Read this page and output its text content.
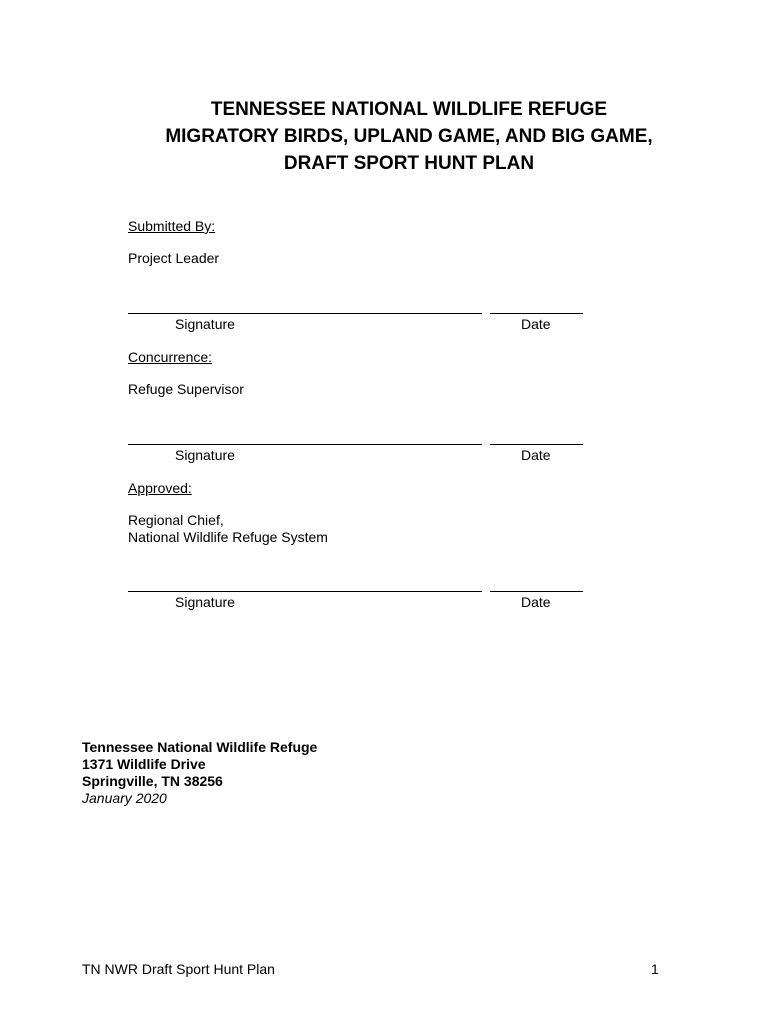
TENNESSEE NATIONAL WILDLIFE REFUGE
MIGRATORY BIRDS, UPLAND GAME, AND BIG GAME,
DRAFT SPORT HUNT PLAN
Submitted By:
Project Leader
Signature	Date
Concurrence:
Refuge Supervisor
Signature	Date
Approved:
Regional Chief,
National Wildlife Refuge System
Signature	Date
Tennessee National Wildlife Refuge
1371 Wildlife Drive
Springville, TN 38256
January 2020
TN NWR Draft Sport Hunt Plan	1
